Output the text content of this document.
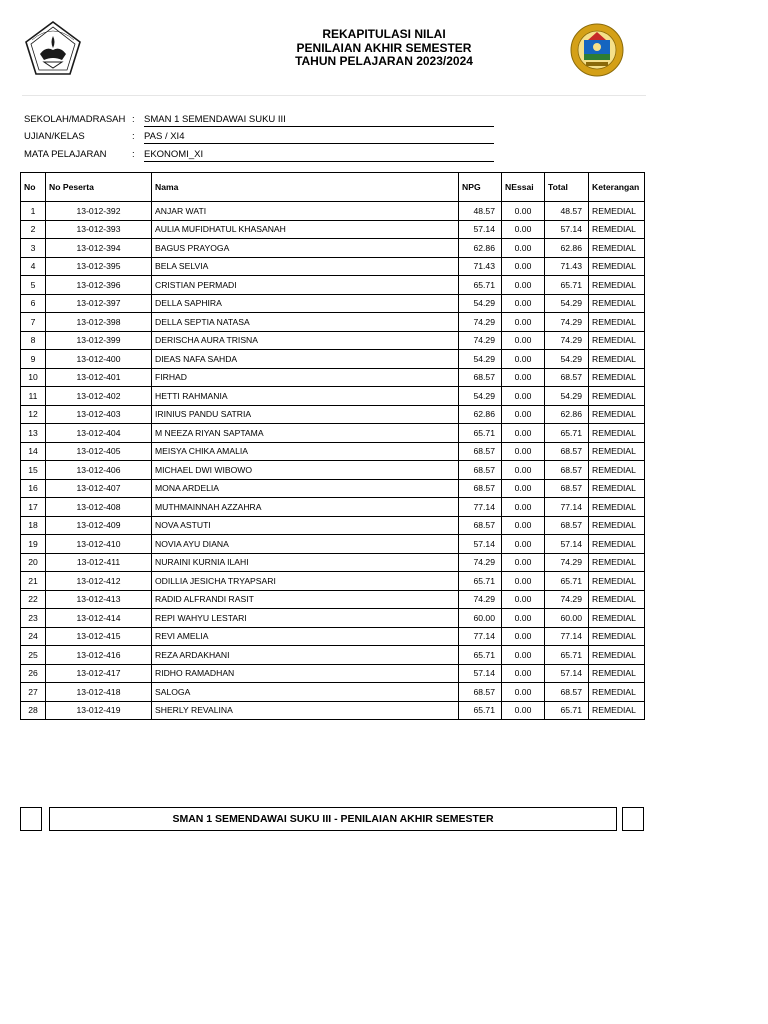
REKAPITULASI NILAI
PENILAIAN AKHIR SEMESTER
TAHUN PELAJARAN 2023/2024
SEKOLAH/MADRASAH : SMAN 1 SEMENDAWAI SUKU III
UJIAN/KELAS	: PAS / XI4
MATA PELAJARAN	: EKONOMI_XI
No	No Peserta	Nama	NPG	NEssai	Total	Keterangan
1	13-012-392	ANJAR WATI	48.57	0.00	48.57	REMEDIAL
2	13-012-393	AULIA MUFIDHATUL KHASANAH	57.14	0.00	57.14	REMEDIAL
3	13-012-394	BAGUS PRAYOGA	62.86	0.00	62.86	REMEDIAL
4	13-012-395	BELA SELVIA	71.43	0.00	71.43	REMEDIAL
5	13-012-396	CRISTIAN PERMADI	65.71	0.00	65.71	REMEDIAL
6	13-012-397	DELLA SAPHIRA	54.29	0.00	54.29	REMEDIAL
7	13-012-398	DELLA SEPTIA NATASA	74.29	0.00	74.29	REMEDIAL
8	13-012-399	DERISCHA AURA TRISNA	74.29	0.00	74.29	REMEDIAL
9	13-012-400	DIEAS NAFA SAHDA	54.29	0.00	54.29	REMEDIAL
10	13-012-401	FIRHAD	68.57	0.00	68.57	REMEDIAL
11	13-012-402	HETTI RAHMANIA	54.29	0.00	54.29	REMEDIAL
12	13-012-403	IRINIUS PANDU SATRIA	62.86	0.00	62.86	REMEDIAL
13	13-012-404	M NEEZA RIYAN SAPTAMA	65.71	0.00	65.71	REMEDIAL
14	13-012-405	MEISYA CHIKA AMALIA	68.57	0.00	68.57	REMEDIAL
15	13-012-406	MICHAEL DWI WIBOWO	68.57	0.00	68.57	REMEDIAL
16	13-012-407	MONA ARDELIA	68.57	0.00	68.57	REMEDIAL
17	13-012-408	MUTHMAINNAH AZZAHRA	77.14	0.00	77.14	REMEDIAL
18	13-012-409	NOVA ASTUTI	68.57	0.00	68.57	REMEDIAL
19	13-012-410	NOVIA AYU DIANA	57.14	0.00	57.14	REMEDIAL
20	13-012-411	NURAINI KURNIA ILAHI	74.29	0.00	74.29	REMEDIAL
21	13-012-412	ODILLIA JESICHA TRYAPSARI	65.71	0.00	65.71	REMEDIAL
22	13-012-413	RADID ALFRANDI RASIT	74.29	0.00	74.29	REMEDIAL
23	13-012-414	REPI WAHYU LESTARI	60.00	0.00	60.00	REMEDIAL
24	13-012-415	REVI AMELIA	77.14	0.00	77.14	REMEDIAL
25	13-012-416	REZA ARDAKHANI	65.71	0.00	65.71	REMEDIAL
26	13-012-417	RIDHO RAMADHAN	57.14	0.00	57.14	REMEDIAL
27	13-012-418	SALOGA	68.57	0.00	68.57	REMEDIAL
28	13-012-419	SHERLY REVALINA	65.71	0.00	65.71	REMEDIAL
SMAN 1 SEMENDAWAI SUKU III - PENILAIAN AKHIR SEMESTER
